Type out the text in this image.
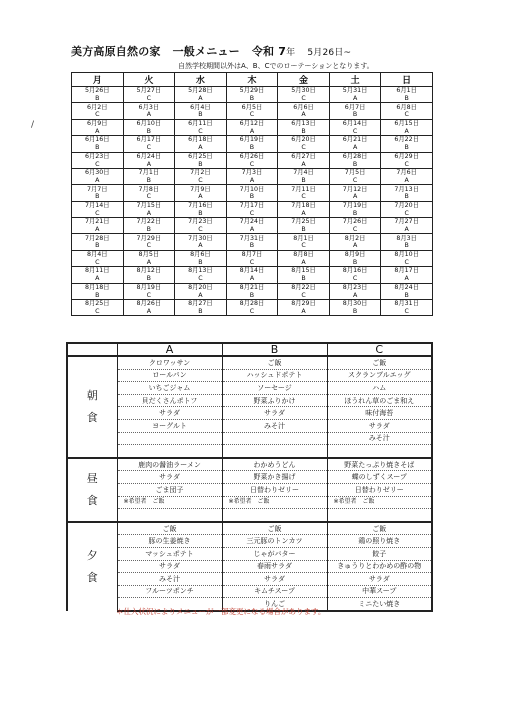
美方高原自然の家 一般メニュー 令和 7年 5月26日~
自然学校期間以外はA、B、Cでのローテーションとなります。
/
月	火	水	木	金	土	日
5月26日	5月27日	5月28日	5月29日	5月30日	5月31日	6月1日
B	C	A	B	C	A	B
6月2日	6月3日	6月4日	6月5日	6月6日	6月7日	6月8日
C	A	B	C	A	B	C
6月9日	6月10日	6月11日	6月12日	6月13日	6月14日	6月15日
A	B	C	A	B	C	A
6月16日	6月17日	6月18日	6月19日	6月20日	6月21日	6月22日
B	C	A	B	C	A	B
6月23日	6月24日	6月25日	6月26日	6月27日	6月28日	6月29日
C	A	B	C	A	B	C
6月30日	7月1日	7月2日	7月3日	7月4日	7月5日	7月6日
A	B	C	A	B	C	A
7月7日	7月8日	7月9日	7月10日	7月11日	7月12日	7月13日
B	C	A	B	C	A	B
7月14日	7月15日	7月16日	7月17日	7月18日	7月19日	7月20日
C	A	B	C	A	B	C
7月21日	7月22日	7月23日	7月24日	7月25日	7月26日	7月27日
A	B	C	A	B	C	A
7月28日	7月29日	7月30日	7月31日	8月1日	8月2日	8月3日
B	C	A	B	C	A	B
8月4日	8月5日	8月6日	8月7日	8月8日	8月9日	8月10日
C	A	B	C	A	B	C
8月11日	8月12日	8月13日	8月14日	8月15日	8月16日	8月17日
A	B	C	A	B	C	A
8月18日	8月19日	8月20日	8月21日	8月22日	8月23日	8月24日
B	C	A	B	C	A	B
8月25日	8月26日	8月27日	8月28日	8月29日	8月30日	8月31日
C	A	B	C	A	B	C
	A	B	C

朝
食	クロワッサン	ご飯	ご飯
	ロールパン	ハッシュドポテト	スクランブルエッグ
	いちごジャム	ソーセージ	ハム
	貝だくさんポトフ	野菜ふりかけ	ほうれん草のごま和え
	サラダ	サラダ	味付海苔
	ヨーグルト	みそ汁	サラダ
			みそ汁

昼
食	鹿肉の醤油ラーメン	わかめうどん	野菜たっぷり焼きそば
	サラダ	野菜かき揚げ	蝶のしずくスープ
	ごま団子	日替わりゼリー	日替わりゼリー
	※希望者　ご飯	※希望者　ご飯	※希望者　ご飯

夕
食	ご飯	ご飯	ご飯
	豚の生姜焼き	三元豚のトンカツ	鶏の照り焼き
	マッシュポテト	じゃがバター	餃子
	サラダ	春雨サラダ	きゅうりとわかめの酢の物
	みそ汁	サラダ	サラダ
	フルーツポンチ	キムチスープ	中華スープ
		りんご	ミニたい焼き
＊仕入状況によりメニューが一部変更になる場合があります。
